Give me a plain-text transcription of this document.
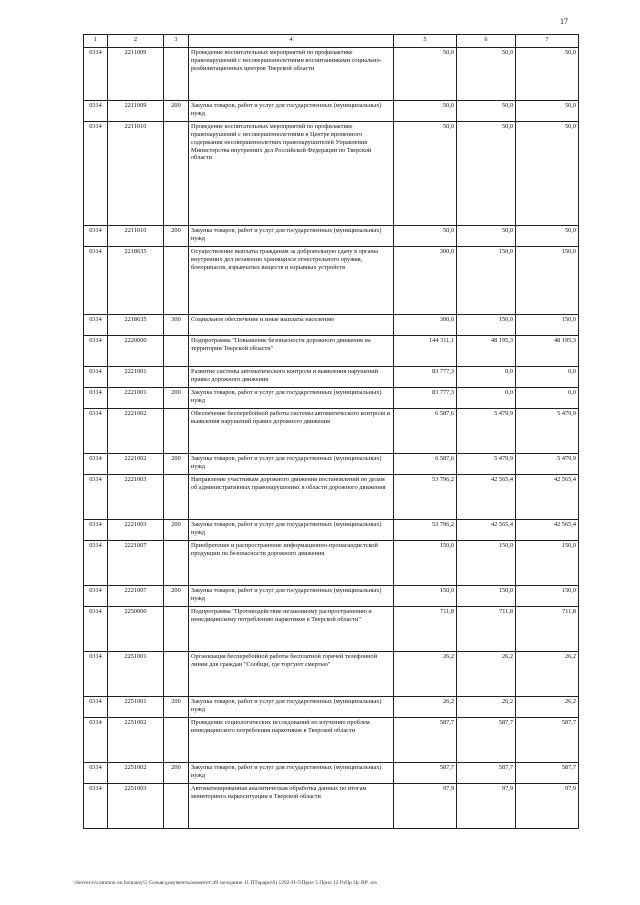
17
1	2	3	4	5	6	7
0314	2211009		Проведение воспитательных мероприятий по профилактике правонарушений с несовершеннолетними воспитанниками социально-реабилитационных центров Тверской области	50,0	50,0	50,0
0314	2211009	200	Закупка товаров, работ и услуг для государственных (муниципальных) нужд	50,0	50,0	50,0
0314	2211010		Проведение воспитательных мероприятий по профилактике правонарушений с несовершеннолетними в Центре временного содержания несовершеннолетних правонарушителей Управления Министерства внутренних дел Российской Федерации по Тверской области	50,0	50,0	50,0
0314	2211010	200	Закупка товаров, работ и услуг для государственных (муниципальных) нужд	50,0	50,0	50,0
0314	2218635		Осуществление выплаты гражданам за добровольную сдачу в органы внутренних дел незаконно хранящихся огнестрельного оружия, боеприпасов, взрывчатых веществ и взрывных устройств	300,0	150,0	150,0
0314	2218635	300	Социальное обеспечение и иные выплаты населению	300,0	150,0	150,0
0314	2220000		Подпрограмма "Повышение безопасности дорожного движения на территории Тверской области"	144 311,1	48 195,3	48 195,3
0314	2221001		Развитие системы автоматического контроля и выявления нарушений правил дорожного движения	83 777,3	0,0	0,0
0314	2221001	200	Закупка товаров, работ и услуг для государственных (муниципальных) нужд	83 777,3	0,0	0,0
0314	2221002		Обеспечение бесперебойной работы системы автоматического контроля и выявления нарушений правил дорожного движения	6 587,6	5 479,9	5 479,9
0314	2221002	200	Закупка товаров, работ и услуг для государственных (муниципальных) нужд	6 587,6	5 479,9	5 479,9
0314	2221003		Направление участникам дорожного движения постановлений по делам об административных правонарушениях в области дорожного движения	53 796,2	42 565,4	42 565,4
0314	2221003	200	Закупка товаров, работ и услуг для государственных (муниципальных) нужд	53 796,2	42 565,4	42 565,4
0314	2221007		Приобретение и распространение информационно-пропагандистской продукции по безопасности дорожного движения	150,0	150,0	150,0
0314	2221007	200	Закупка товаров, работ и услуг для государственных (муниципальных) нужд	150,0	150,0	150,0
0314	2250000		Подпрограмма "Противодействие незаконному распространению и немедицинскому потреблению наркотиков в Тверской области"	711,8	711,8	711,8
0314	2251001		Организация бесперебойной работы бесплатной горячей телефонной линии для граждан "Сообщи, где торгуют смертью"	26,2	26,2	26,2
0314	2251001	200	Закупка товаров, работ и услуг для государственных (муниципальных) нужд	26,2	26,2	26,2
0314	2251002		Проведение социологических исследований по изучению проблем немедицинского потребления наркотиков в Тверской области	587,7	587,7	587,7
0314	2251002	200	Закупка товаров, работ и услуг для государственных (муниципальных) нужд	587,7	587,7	587,7
0314	2251003		Автоматизированная аналитическая обработка данных по итогам мониторинга наркоситуации в Тверской области	97,9	97,9	97,9
\\Server-n\common on ba\many\5 Созыв\документы\комитет\49 заседание 11 ПТарари\9) 1292-П-5\Прил 5 Прил 12 РзПр Цс ВР .xls
